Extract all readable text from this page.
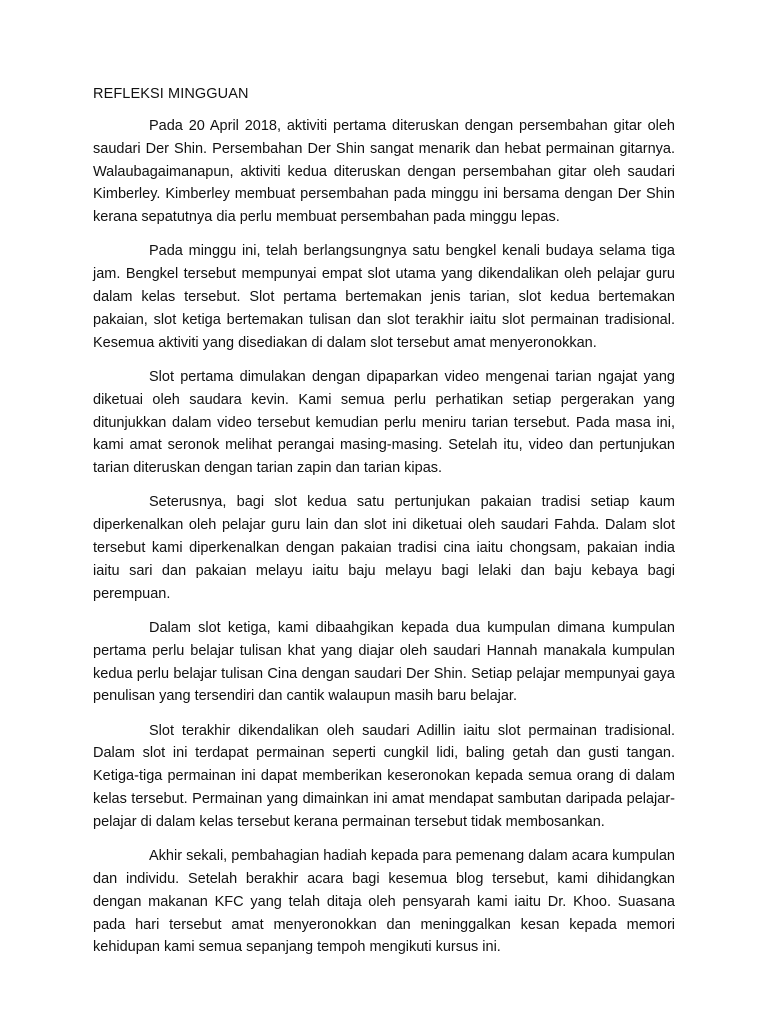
REFLEKSI MINGGUAN

Pada 20 April 2018, aktiviti pertama diteruskan dengan persembahan gitar oleh saudari Der Shin. Persembahan Der Shin sangat menarik dan hebat permainan gitarnya. Walaubagaimanapun, aktiviti kedua diteruskan dengan persembahan gitar oleh saudari Kimberley. Kimberley membuat persembahan pada minggu ini bersama dengan Der Shin kerana sepatutnya dia perlu membuat persembahan pada minggu lepas.

Pada minggu ini, telah berlangsungnya satu bengkel kenali budaya selama tiga jam. Bengkel tersebut mempunyai empat slot utama yang dikendalikan oleh pelajar guru dalam kelas tersebut. Slot pertama bertemakan jenis tarian, slot kedua bertemakan pakaian, slot ketiga bertemakan tulisan dan slot terakhir iaitu slot permainan tradisional. Kesemua aktiviti yang disediakan di dalam slot tersebut amat menyeronokkan.

Slot pertama dimulakan dengan dipaparkan video mengenai tarian ngajat yang diketuai oleh saudara kevin. Kami semua perlu perhatikan setiap pergerakan yang ditunjukkan dalam video tersebut kemudian perlu meniru tarian tersebut. Pada masa ini, kami amat seronok melihat perangai masing-masing. Setelah itu, video dan pertunjukan tarian diteruskan dengan tarian zapin dan tarian kipas.

Seterusnya, bagi slot kedua satu pertunjukan pakaian tradisi setiap kaum diperkenalkan oleh pelajar guru lain dan slot ini diketuai oleh saudari Fahda. Dalam slot tersebut kami diperkenalkan dengan pakaian tradisi cina iaitu chongsam, pakaian india iaitu sari dan pakaian melayu iaitu baju melayu bagi lelaki dan baju kebaya bagi perempuan.

Dalam slot ketiga, kami dibaahgikan kepada dua kumpulan dimana kumpulan pertama perlu belajar tulisan khat yang diajar oleh saudari Hannah manakala kumpulan kedua perlu belajar tulisan Cina dengan saudari Der Shin. Setiap pelajar mempunyai gaya penulisan yang tersendiri dan cantik walaupun masih baru belajar.

Slot terakhir dikendalikan oleh saudari Adillin iaitu slot permainan tradisional. Dalam slot ini terdapat permainan seperti cungkil lidi, baling getah dan gusti tangan. Ketiga-tiga permainan ini dapat memberikan keseronokan kepada semua orang di dalam kelas tersebut. Permainan yang dimainkan ini amat mendapat sambutan daripada pelajar-pelajar di dalam kelas tersebut kerana permainan tersebut tidak membosankan.

Akhir sekali, pembahagian hadiah kepada para pemenang dalam acara kumpulan dan individu. Setelah berakhir acara bagi kesemua blog tersebut, kami dihidangkan dengan makanan KFC yang telah ditaja oleh pensyarah kami iaitu Dr. Khoo. Suasana pada hari tersebut amat menyeronokkan dan meninggalkan kesan kepada memori kehidupan kami semua sepanjang tempoh mengikuti kursus ini.
